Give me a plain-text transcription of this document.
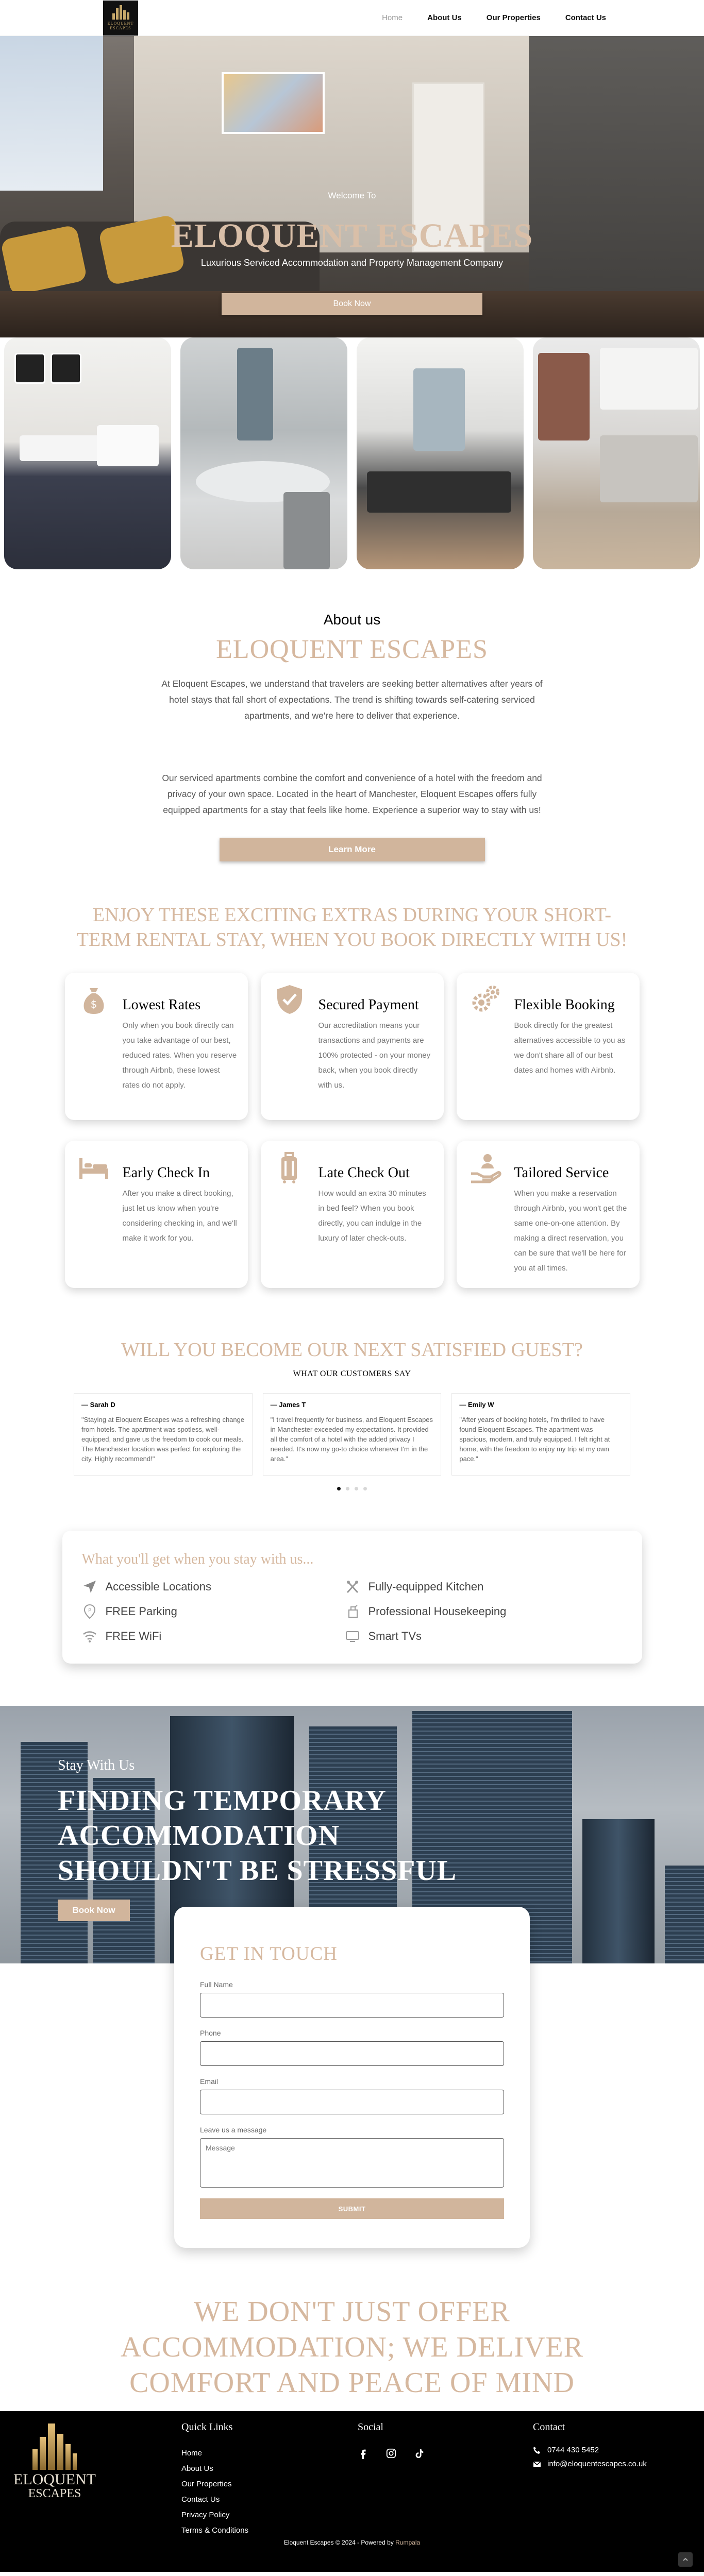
ELOQUENT
ESCAPES
Home	About Us	Our Properties	Contact Us
Welcome To
ELOQUENT ESCAPES
Luxurious Serviced Accommodation and Property Management Company
Book Now
About us
ELOQUENT ESCAPES

At Eloquent Escapes, we understand that travelers are seeking better alternatives after years of hotel stays that fall short of expectations. The trend is shifting towards self-catering serviced apartments, and we're here to deliver that experience.

Our serviced apartments combine the comfort and convenience of a hotel with the freedom and privacy of your own space. Located in the heart of Manchester, Eloquent Escapes offers fully equipped apartments for a stay that feels like home. Experience a superior way to stay with us!

Learn More
ENJOY THESE EXCITING EXTRAS DURING YOUR SHORT-TERM RENTAL STAY, WHEN YOU BOOK DIRECTLY WITH US!
$ Lowest Rates
Only when you book directly can you take advantage of our best, reduced rates. When you reserve through Airbnb, these lowest rates do not apply.
Secured Payment
Our accreditation means your transactions and payments are 100% protected - on your money back, when you book directly with us.
Flexible Booking
Book directly for the greatest alternatives accessible to you as we don't share all of our best dates and homes with Airbnb.
Early Check In
After you make a direct booking, just let us know when you're considering checking in, and we'll make it work for you.
Late Check Out
How would an extra 30 minutes in bed feel? When you book directly, you can indulge in the luxury of later check-outs.
Tailored Service
When you make a reservation through Airbnb, you won't get the same one-on-one attention. By making a direct reservation, you can be sure that we'll be here for you at all times.
WILL YOU BECOME OUR NEXT SATISFIED GUEST?
WHAT OUR CUSTOMERS SAY
— Sarah D
"Staying at Eloquent Escapes was a refreshing change from hotels. The apartment was spotless, well-equipped, and gave us the freedom to cook our meals. The Manchester location was perfect for exploring the city. Highly recommend!"
— James T
"I travel frequently for business, and Eloquent Escapes in Manchester exceeded my expectations. It provided all the comfort of a hotel with the added privacy I needed. It's now my go-to choice whenever I'm in the area."
— Emily W
"After years of booking hotels, I'm thrilled to have found Eloquent Escapes. The apartment was spacious, modern, and truly equipped. I felt right at home, with the freedom to enjoy my trip at my own pace."
What you'll get when you stay with us...
Accessible Locations	Fully-equipped Kitchen
P FREE Parking	Professional Housekeeping
FREE WiFi	Smart TVs
Stay With Us
FINDING TEMPORARY
ACCOMMODATION
SHOULDN'T BE STRESSFUL
Book Now
GET IN TOUCH
Full Name
Phone
Email
Leave us a message
Message SUBMIT
WE DON'T JUST OFFER
ACCOMMODATION; WE DELIVER
COMFORT AND PEACE OF MIND
ELOQUENT
ESCAPES
Quick Links
Home
About Us
Our Properties
Contact Us
Privacy Policy
Terms & Conditions
Social	Contact
0744 430 5452
info@eloquentescapes.co.uk
Eloquent Escapes © 2024 - Powered by Rumpala
